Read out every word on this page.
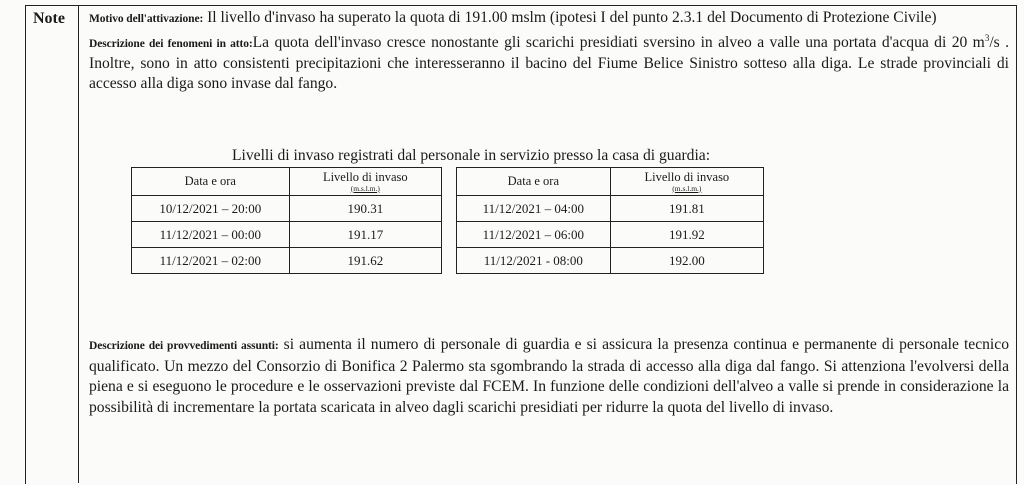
Note Motivo dell'attivazione: Il livello d'invaso ha superato la quota di 191.00 mslm (ipotesi I del punto 2.3.1 del Documento di Protezione Civile)
Descrizione dei fenomeni in atto:La quota dell'invaso cresce nonostante gli scarichi presidiati sversino in alveo a valle una portata d'acqua di 20 $m^3/s$ . Inoltre, sono in atto consistenti precipitazioni che interesseranno il bacino del Fiume Belice Sinistro sotteso alla diga. Le strade provinciali di accesso alla diga sono invase dal fango.
Livelli di invaso registrati dal personale in servizio presso la casa di guardia:
Data e ora	Livello di invaso
(m.s.l.m.)

10/12/2021 – 20:00	190.31
11/12/2021 – 00:00	191.17
11/12/2021 – 02:00	191.62
Data e ora	Livello di invaso
(m.s.l.m.)

11/12/2021 – 04:00	191.81
11/12/2021 – 06:00	191.92
11/12/2021 - 08:00	192.00
Descrizione dei provvedimenti assunti: si aumenta il numero di personale di guardia e si assicura la presenza continua e permanente di personale tecnico qualificato. Un mezzo del Consorzio di Bonifica 2 Palermo sta sgombrando la strada di accesso alla diga dal fango. Si attenziona l'evolversi della piena e si eseguono le procedure e le osservazioni previste dal FCEM. In funzione delle condizioni dell'alveo a valle si prende in considerazione la possibilità di incrementare la portata scaricata in alveo dagli scarichi presidiati per ridurre la quota del livello di invaso.
